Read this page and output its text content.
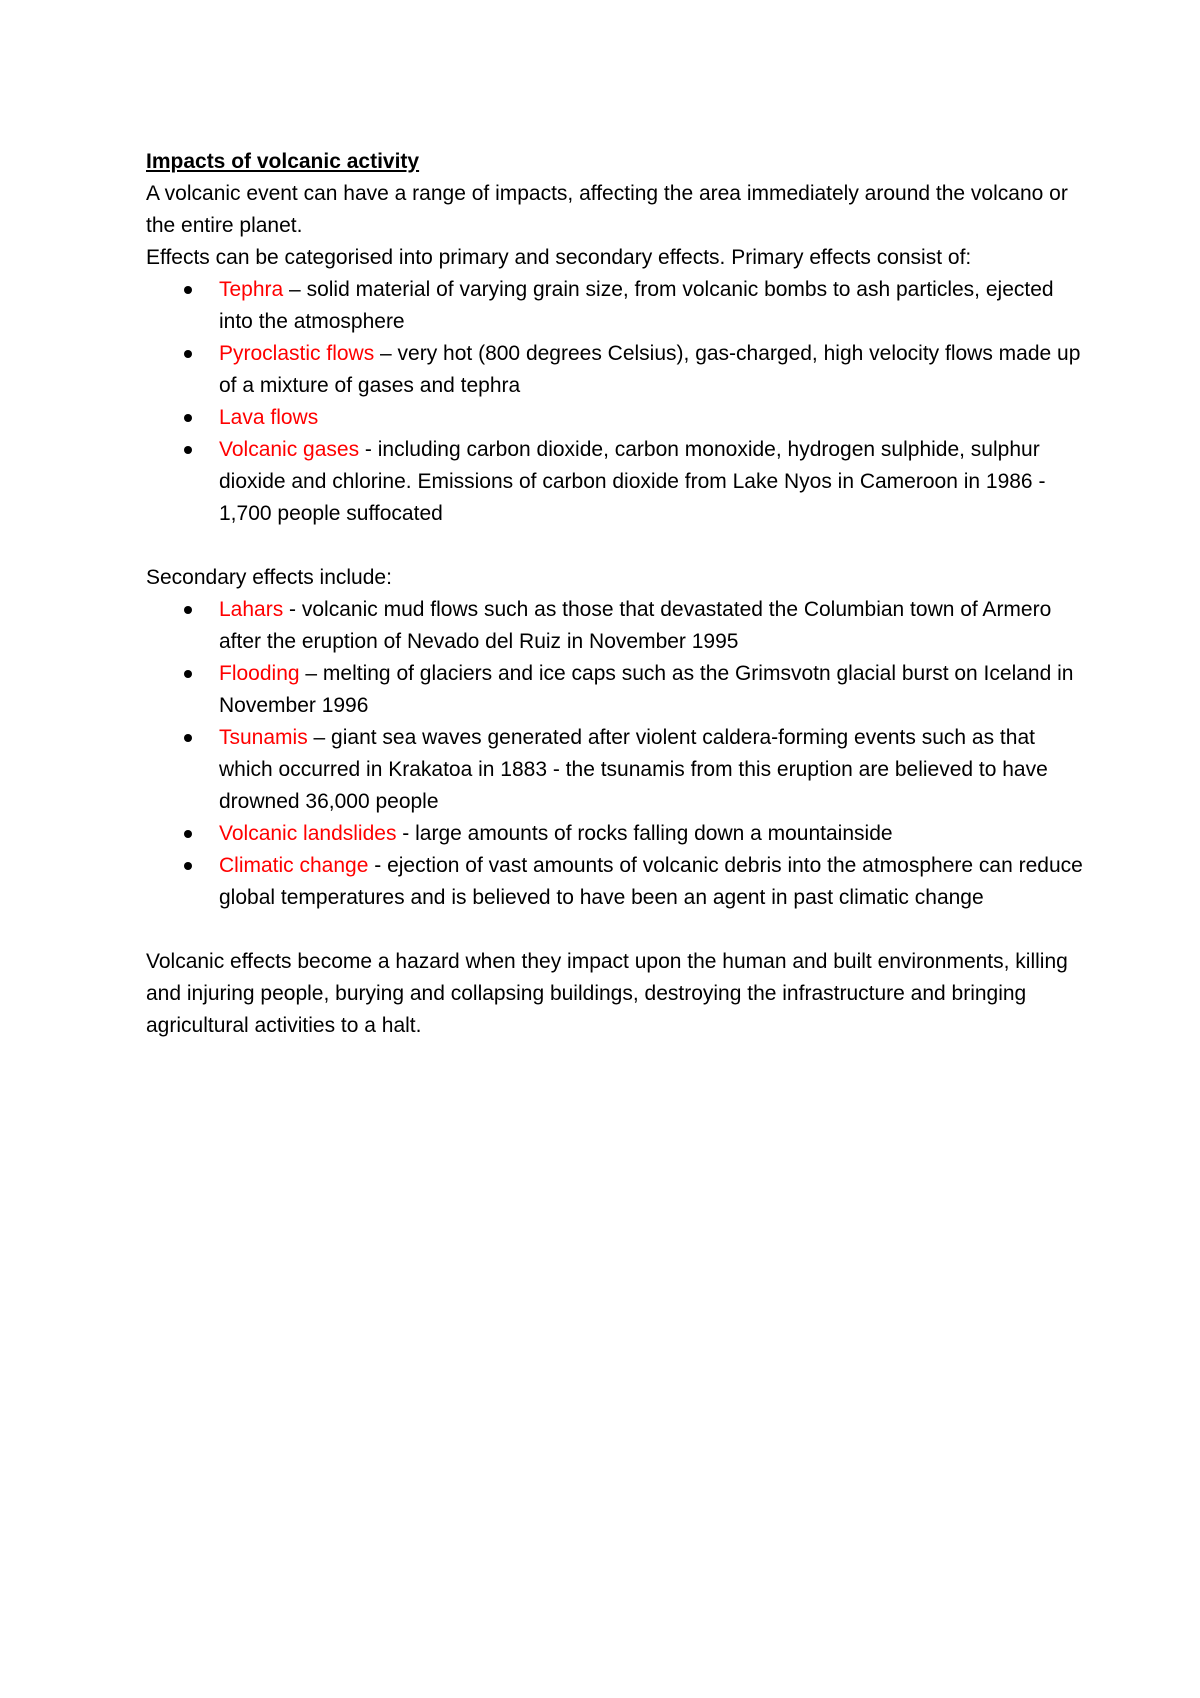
Impacts of volcanic activity

A volcanic event can have a range of impacts, affecting the area immediately around the volcano or the entire planet.

Effects can be categorised into primary and secondary effects. Primary effects consist of:

Tephra – solid material of varying grain size, from volcanic bombs to ash particles, ejected into the atmosphere
Pyroclastic flows – very hot (800 degrees Celsius), gas-charged, high velocity flows made up of a mixture of gases and tephra
Lava flows
Volcanic gases - including carbon dioxide, carbon monoxide, hydrogen sulphide, sulphur dioxide and chlorine. Emissions of carbon dioxide from Lake Nyos in Cameroon in 1986 - 1,700 people suffocated

Secondary effects include:

Lahars - volcanic mud flows such as those that devastated the Columbian town of Armero after the eruption of Nevado del Ruiz in November 1995
Flooding – melting of glaciers and ice caps such as the Grimsvotn glacial burst on Iceland in November 1996
Tsunamis – giant sea waves generated after violent caldera-forming events such as that which occurred in Krakatoa in 1883 - the tsunamis from this eruption are believed to have drowned 36,000 people
Volcanic landslides - large amounts of rocks falling down a mountainside
Climatic change - ejection of vast amounts of volcanic debris into the atmosphere can reduce global temperatures and is believed to have been an agent in past climatic change

Volcanic effects become a hazard when they impact upon the human and built environments, killing and injuring people, burying and collapsing buildings, destroying the infrastructure and bringing agricultural activities to a halt.
